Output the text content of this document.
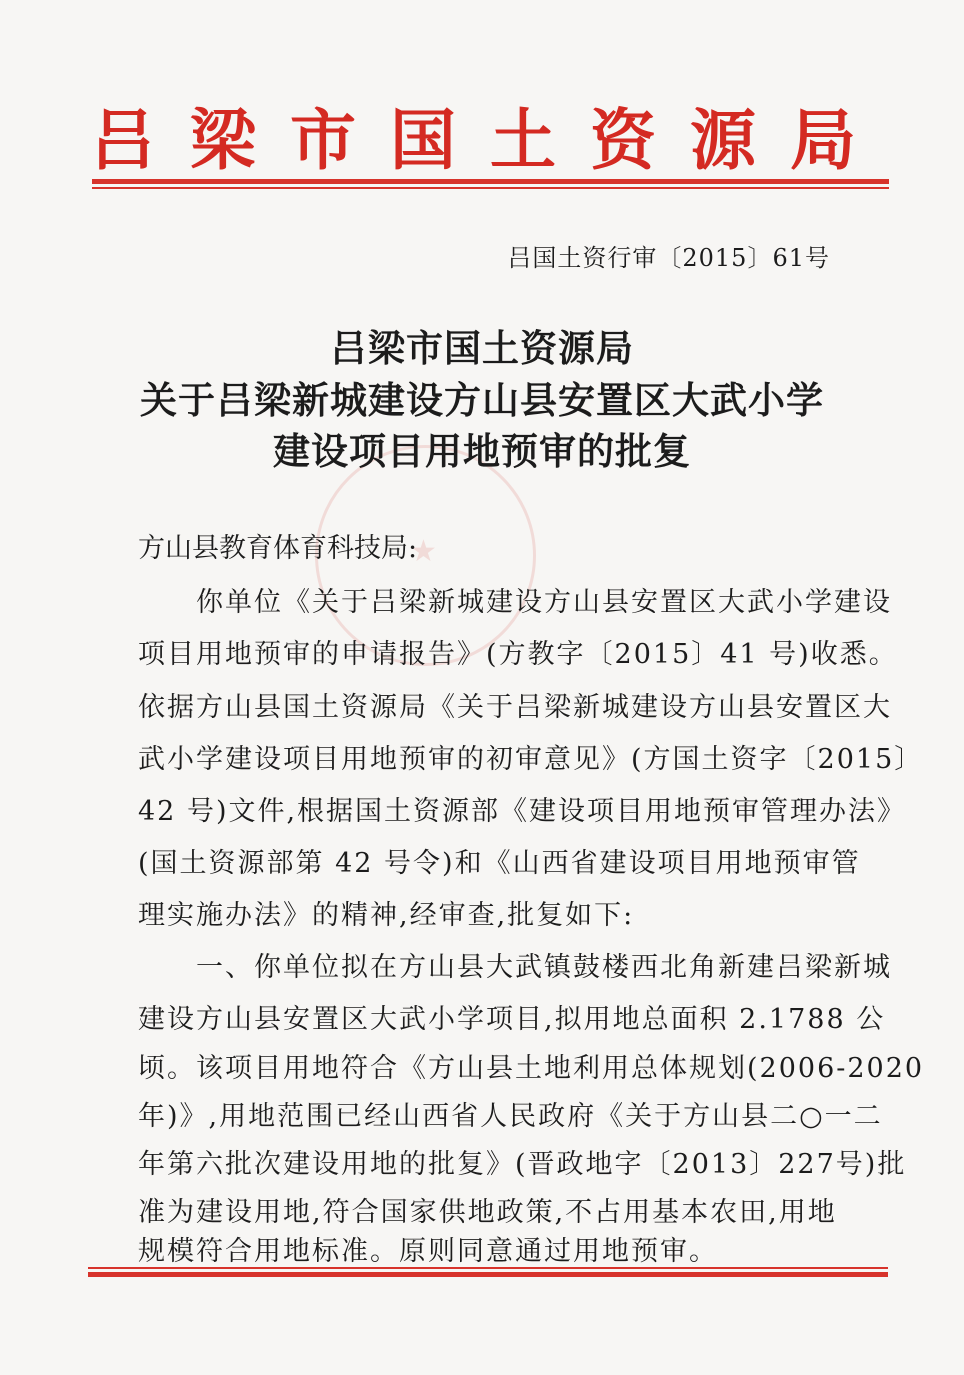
★
吕梁市国土资源局
吕国土资行审〔2015〕61号
吕梁市国土资源局
关于吕梁新城建设方山县安置区大武小学
建设项目用地预审的批复
方山县教育体育科技局:
　　你单位《关于吕梁新城建设方山县安置区大武小学建设
项目用地预审的申请报告》(方教字〔2015〕41 号)收悉。
依据方山县国土资源局《关于吕梁新城建设方山县安置区大
武小学建设项目用地预审的初审意见》(方国土资字〔2015〕
42 号)文件,根据国土资源部《建设项目用地预审管理办法》
(国土资源部第 42 号令)和《山西省建设项目用地预审管
理实施办法》的精神,经审查,批复如下:
　　一、你单位拟在方山县大武镇鼓楼西北角新建吕梁新城
建设方山县安置区大武小学项目,拟用地总面积 2.1788 公
顷。该项目用地符合《方山县土地利用总体规划(2006-2020
年)》,用地范围已经山西省人民政府《关于方山县二○一二
年第六批次建设用地的批复》(晋政地字〔2013〕227号)批
准为建设用地,符合国家供地政策,不占用基本农田,用地
规模符合用地标准。原则同意通过用地预审。
